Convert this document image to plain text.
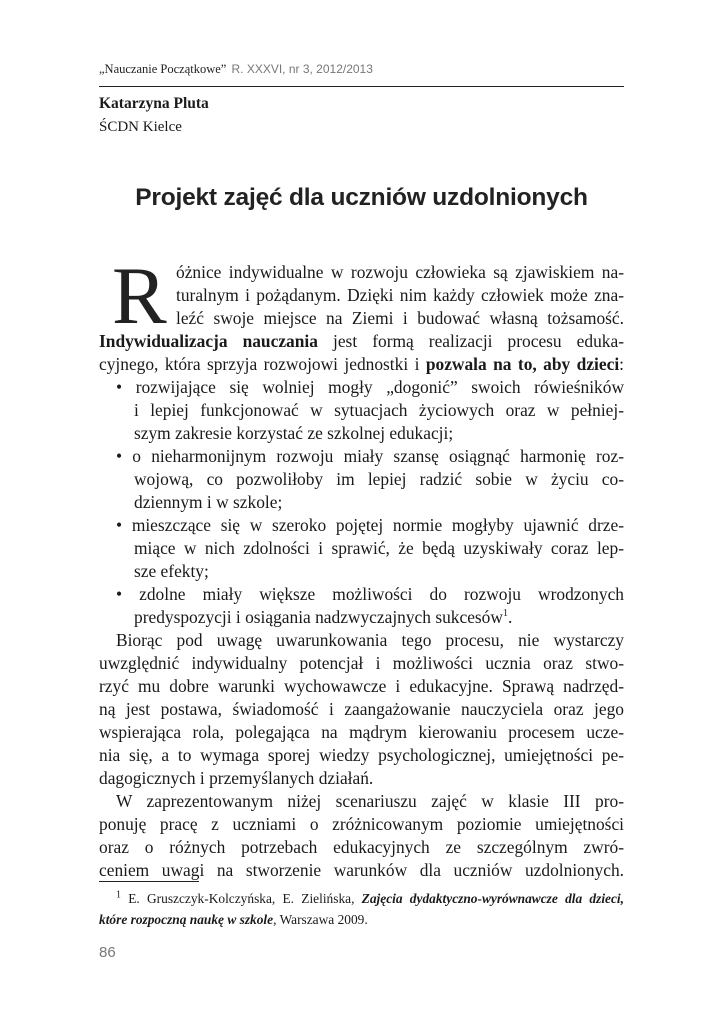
„Nauczanie Początkowe” R. XXXVI, nr 3, 2012/2013
Katarzyna Pluta
ŚCDN Kielce
Projekt zajęć dla uczniów uzdolnionych
R óżnice indywidualne w rozwoju człowieka są zjawiskiem na-
turalnym i pożądanym. Dzięki nim każdy człowiek może zna-
leźć swoje miejsce na Ziemi i budować własną tożsamość.
Indywidualizacja nauczania jest formą realizacji procesu eduka-
cyjnego, która sprzyja rozwojowi jednostki i pozwala na to, aby dzieci:
• rozwijające się wolniej mogły „dogonić” swoich rówieśników
i lepiej funkcjonować w sytuacjach życiowych oraz w pełniej-
szym zakresie korzystać ze szkolnej edukacji;
• o nieharmonijnym rozwoju miały szansę osiągnąć harmonię roz-
wojową, co pozwoliłoby im lepiej radzić sobie w życiu co-
dziennym i w szkole;
• mieszczące się w szeroko pojętej normie mogłyby ujawnić drze-
miące w nich zdolności i sprawić, że będą uzyskiwały coraz lep-
sze efekty;
• zdolne miały większe możliwości do rozwoju wrodzonych
predyspozycji i osiągania nadzwyczajnych sukcesów$^1$.
Biorąc pod uwagę uwarunkowania tego procesu, nie wystarczy
uwzględnić indywidualny potencjał i możliwości ucznia oraz stwo-
rzyć mu dobre warunki wychowawcze i edukacyjne. Sprawą nadrzęd-
ną jest postawa, świadomość i zaangażowanie nauczyciela oraz jego
wspierająca rola, polegająca na mądrym kierowaniu procesem ucze-
nia się, a to wymaga sporej wiedzy psychologicznej, umiejętności pe-
dagogicznych i przemyślanych działań.
W zaprezentowanym niżej scenariuszu zajęć w klasie III pro-
ponuję pracę z uczniami o zróżnicowanym poziomie umiejętności
oraz o różnych potrzebach edukacyjnych ze szczególnym zwró-
ceniem uwagi na stworzenie warunków dla uczniów uzdolnionych.
$^1$ E. Gruszczyk-Kolczyńska, E. Zielińska, Zajęcia dydaktyczno-wyrównawcze dla dzieci,
które rozpoczną naukę w szkole, Warszawa 2009.
86
